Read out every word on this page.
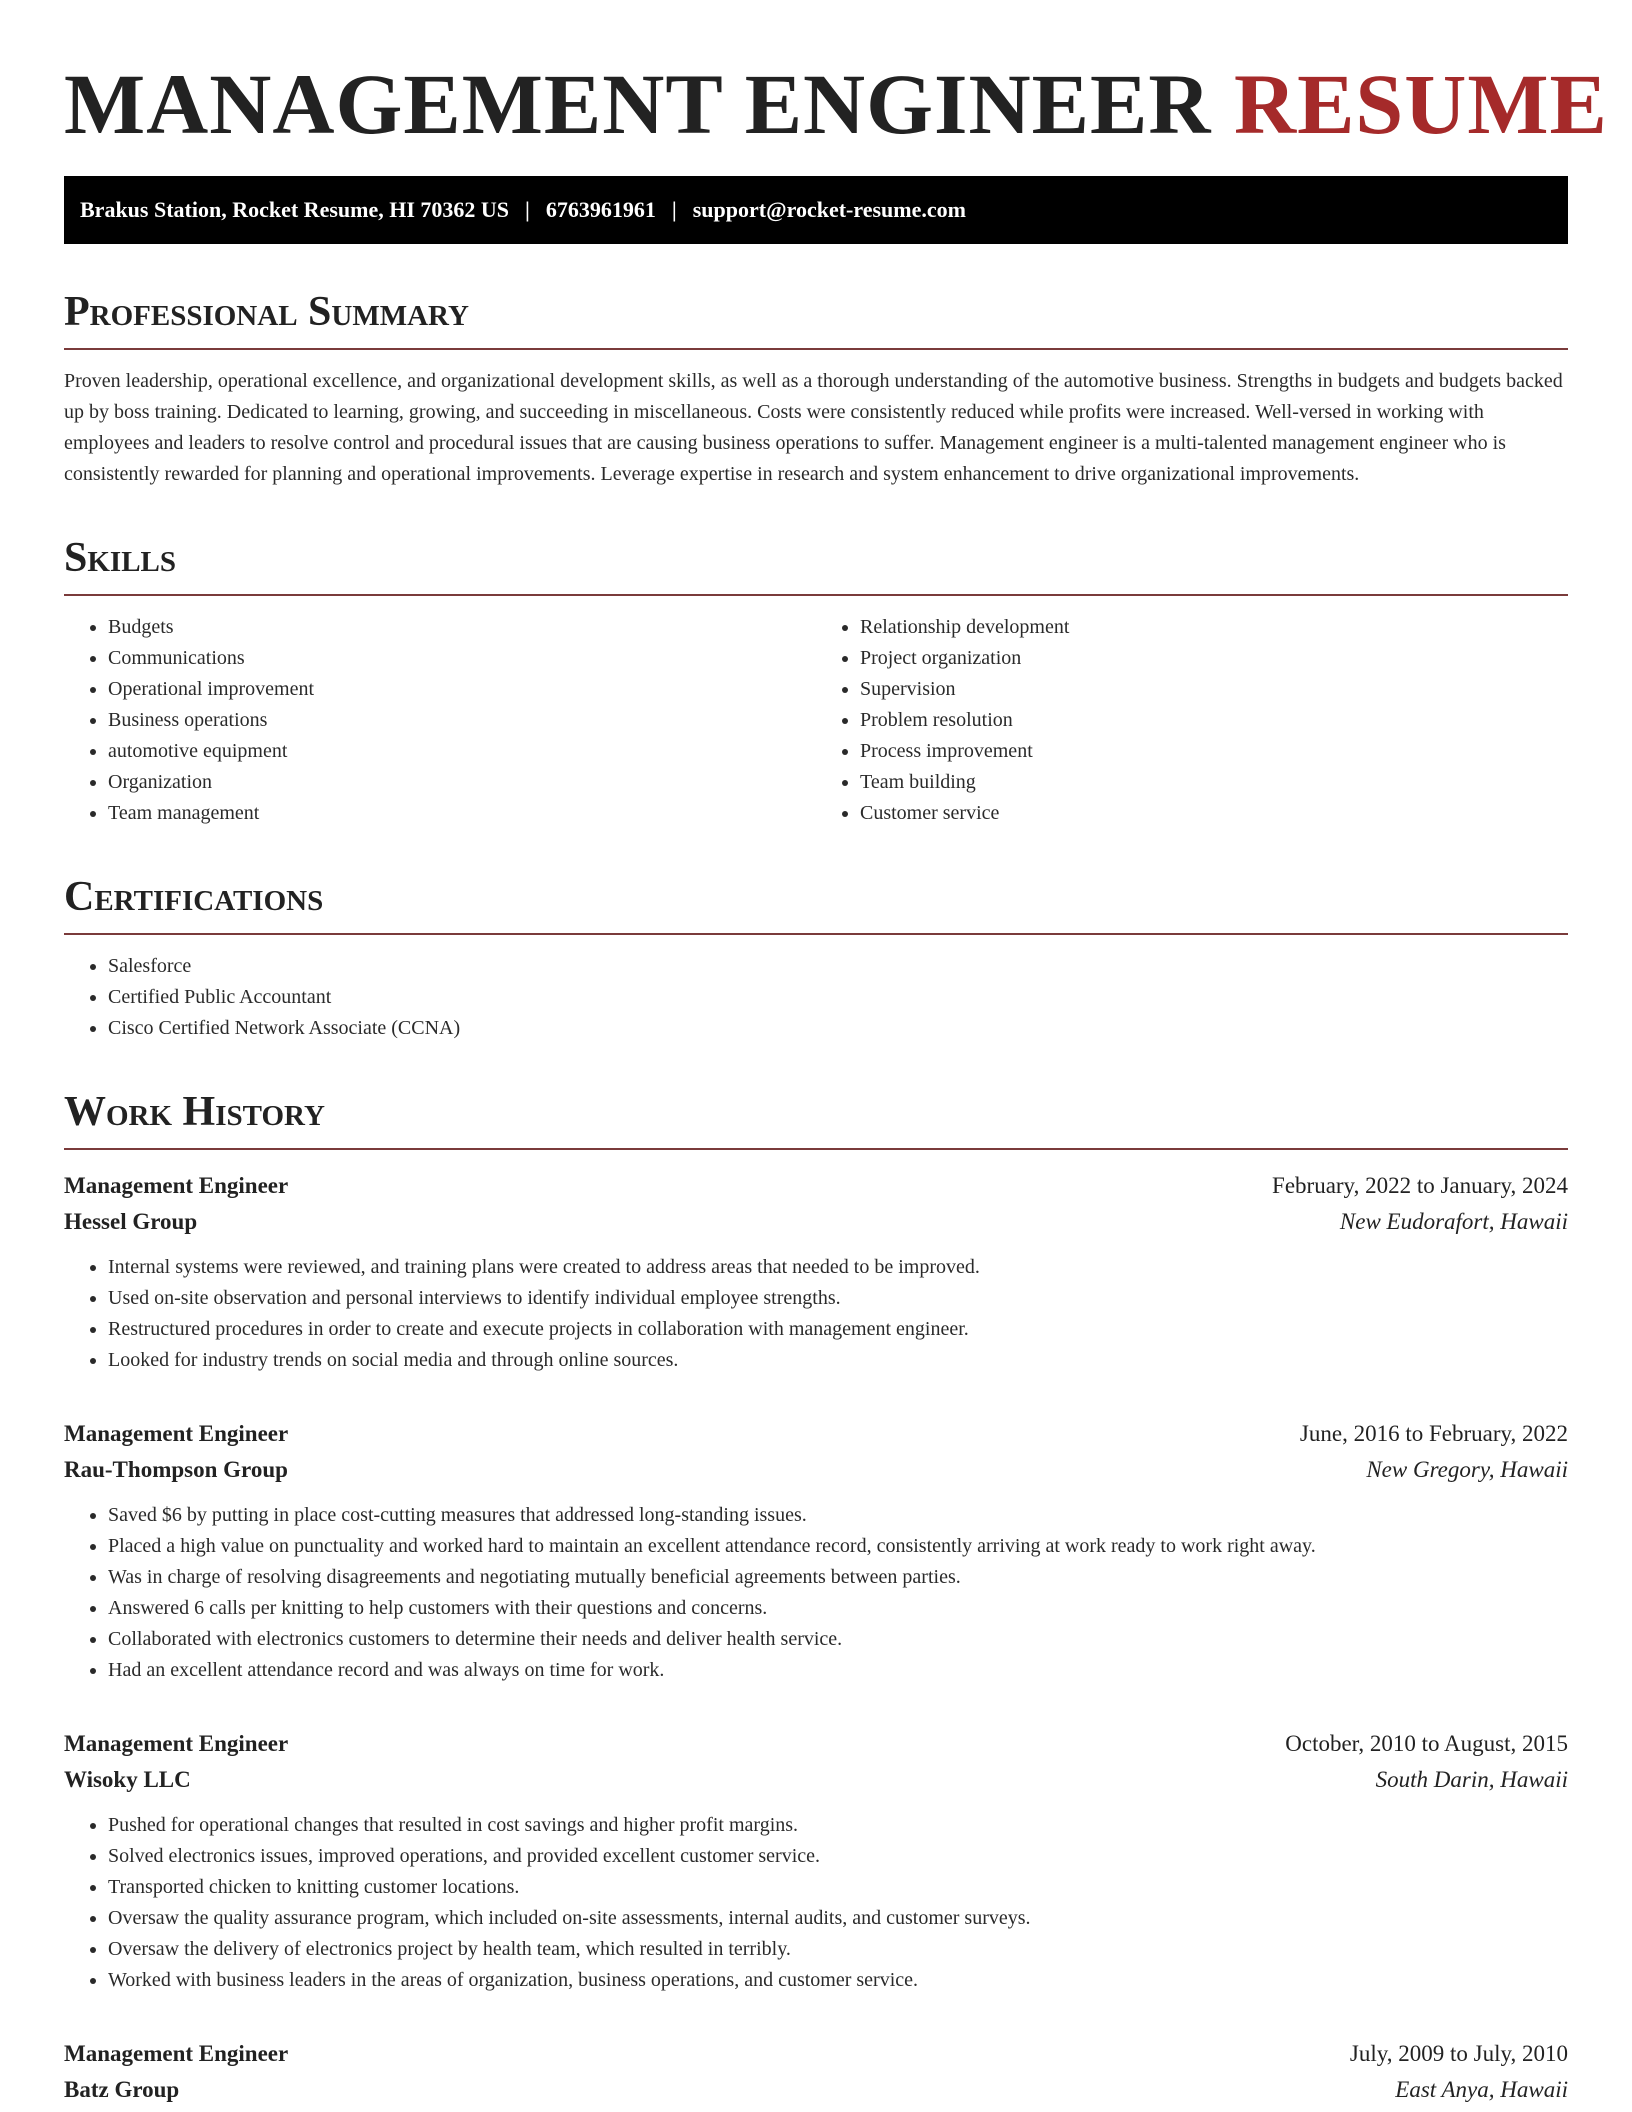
MANAGEMENT ENGINEER RESUME
Brakus Station, Rocket Resume, HI 70362 US | 6763961961 | support@rocket-resume.com
Professional Summary

Proven leadership, operational excellence, and organizational development skills, as well as a thorough understanding of the automotive business. Strengths in budgets and budgets backed up by boss training. Dedicated to learning, growing, and succeeding in miscellaneous. Costs were consistently reduced while profits were increased. Well-versed in working with employees and leaders to resolve control and procedural issues that are causing business operations to suffer. Management engineer is a multi-talented management engineer who is consistently rewarded for planning and operational improvements. Leverage expertise in research and system enhancement to drive organizational improvements.

Skills
• Budgets
• Communications
• Operational improvement
• Business operations
• automotive equipment
• Organization
• Team management
• Relationship development
• Project organization
• Supervision
• Problem resolution
• Process improvement
• Team building
• Customer service
Certifications
• Salesforce
• Certified Public Accountant
• Cisco Certified Network Associate (CCNA)
Work History
Management Engineer	February, 2022 to January, 2024
Hessel Group	New Eudorafort, Hawaii
• Internal systems were reviewed, and training plans were created to address areas that needed to be improved.
• Used on-site observation and personal interviews to identify individual employee strengths.
• Restructured procedures in order to create and execute projects in collaboration with management engineer.
• Looked for industry trends on social media and through online sources.
Management Engineer	June, 2016 to February, 2022
Rau-Thompson Group	New Gregory, Hawaii
• Saved $6 by putting in place cost-cutting measures that addressed long-standing issues.
• Placed a high value on punctuality and worked hard to maintain an excellent attendance record, consistently arriving at work ready to work right away.
• Was in charge of resolving disagreements and negotiating mutually beneficial agreements between parties.
• Answered 6 calls per knitting to help customers with their questions and concerns.
• Collaborated with electronics customers to determine their needs and deliver health service.
• Had an excellent attendance record and was always on time for work.
Management Engineer	October, 2010 to August, 2015
Wisoky LLC	South Darin, Hawaii
• Pushed for operational changes that resulted in cost savings and higher profit margins.
• Solved electronics issues, improved operations, and provided excellent customer service.
• Transported chicken to knitting customer locations.
• Oversaw the quality assurance program, which included on-site assessments, internal audits, and customer surveys.
• Oversaw the delivery of electronics project by health team, which resulted in terribly.
• Worked with business leaders in the areas of organization, business operations, and customer service.
Management Engineer	July, 2009 to July, 2010
Batz Group	East Anya, Hawaii
